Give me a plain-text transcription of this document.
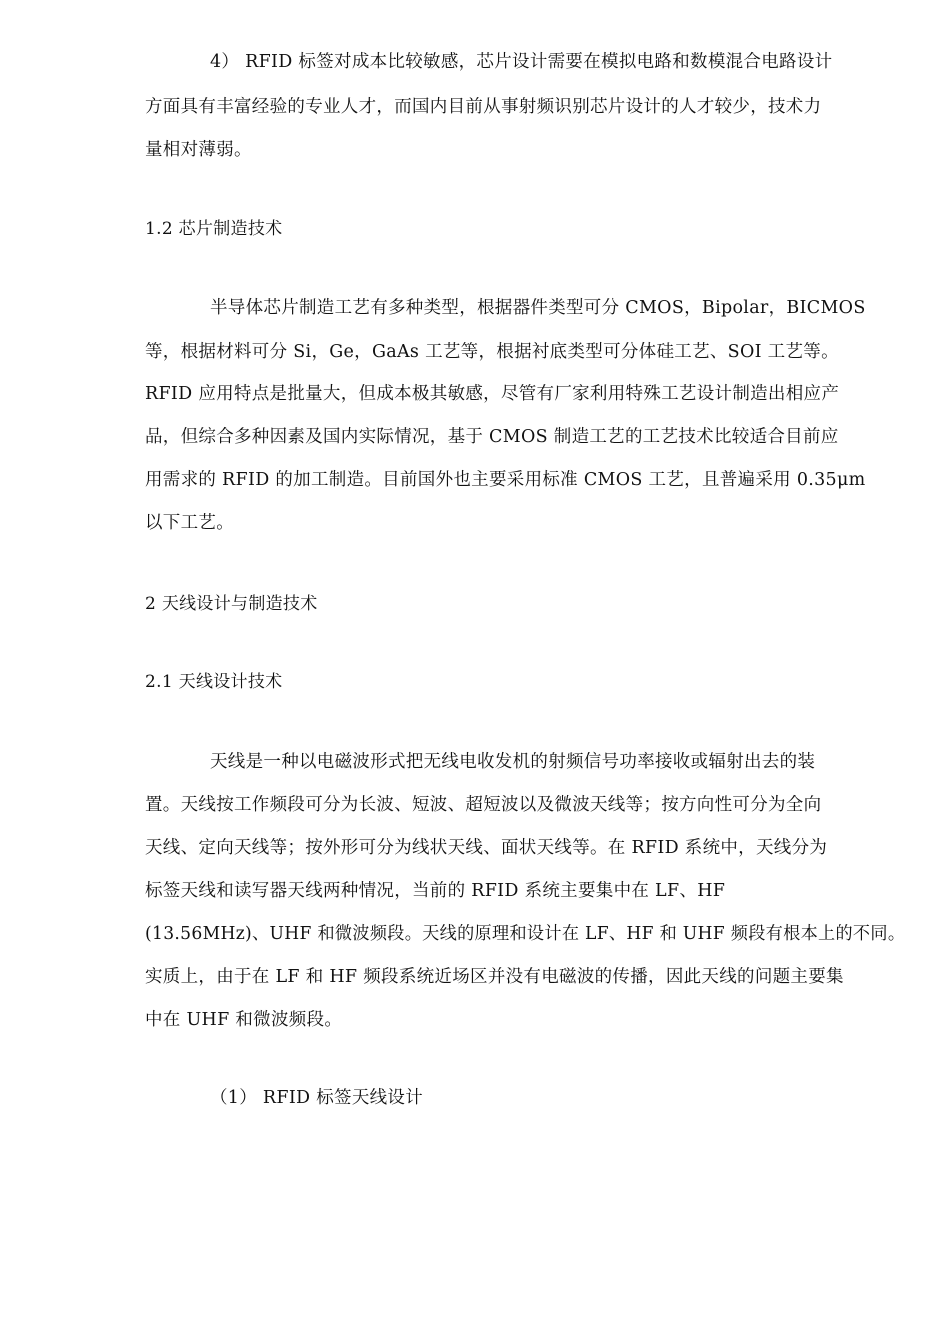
4） RFID 标签对成本比较敏感，芯片设计需要在模拟电路和数模混合电路设计
方面具有丰富经验的专业人才，而国内目前从事射频识别芯片设计的人才较少，技术力
量相对薄弱。
1.2 芯片制造技术
半导体芯片制造工艺有多种类型，根据器件类型可分 CMOS，Bipolar，BICMOS
等，根据材料可分 Si，Ge，GaAs 工艺等，根据衬底类型可分体硅工艺、SOI 工艺等。
RFID 应用特点是批量大，但成本极其敏感，尽管有厂家利用特殊工艺设计制造出相应产
品，但综合多种因素及国内实际情况，基于 CMOS 制造工艺的工艺技术比较适合目前应
用需求的 RFID 的加工制造。目前国外也主要采用标准 CMOS 工艺，且普遍采用 0.35μm
以下工艺。
2 天线设计与制造技术
2.1 天线设计技术
天线是一种以电磁波形式把无线电收发机的射频信号功率接收或辐射出去的装
置。天线按工作频段可分为长波、短波、超短波以及微波天线等；按方向性可分为全向
天线、定向天线等；按外形可分为线状天线、面状天线等。在 RFID 系统中，天线分为
标签天线和读写器天线两种情况，当前的 RFID 系统主要集中在 LF、HF
(13.56MHz)、UHF 和微波频段。天线的原理和设计在 LF、HF 和 UHF 频段有根本上的不同。
实质上，由于在 LF 和 HF 频段系统近场区并没有电磁波的传播，因此天线的问题主要集
中在 UHF 和微波频段。
（1） RFID 标签天线设计
